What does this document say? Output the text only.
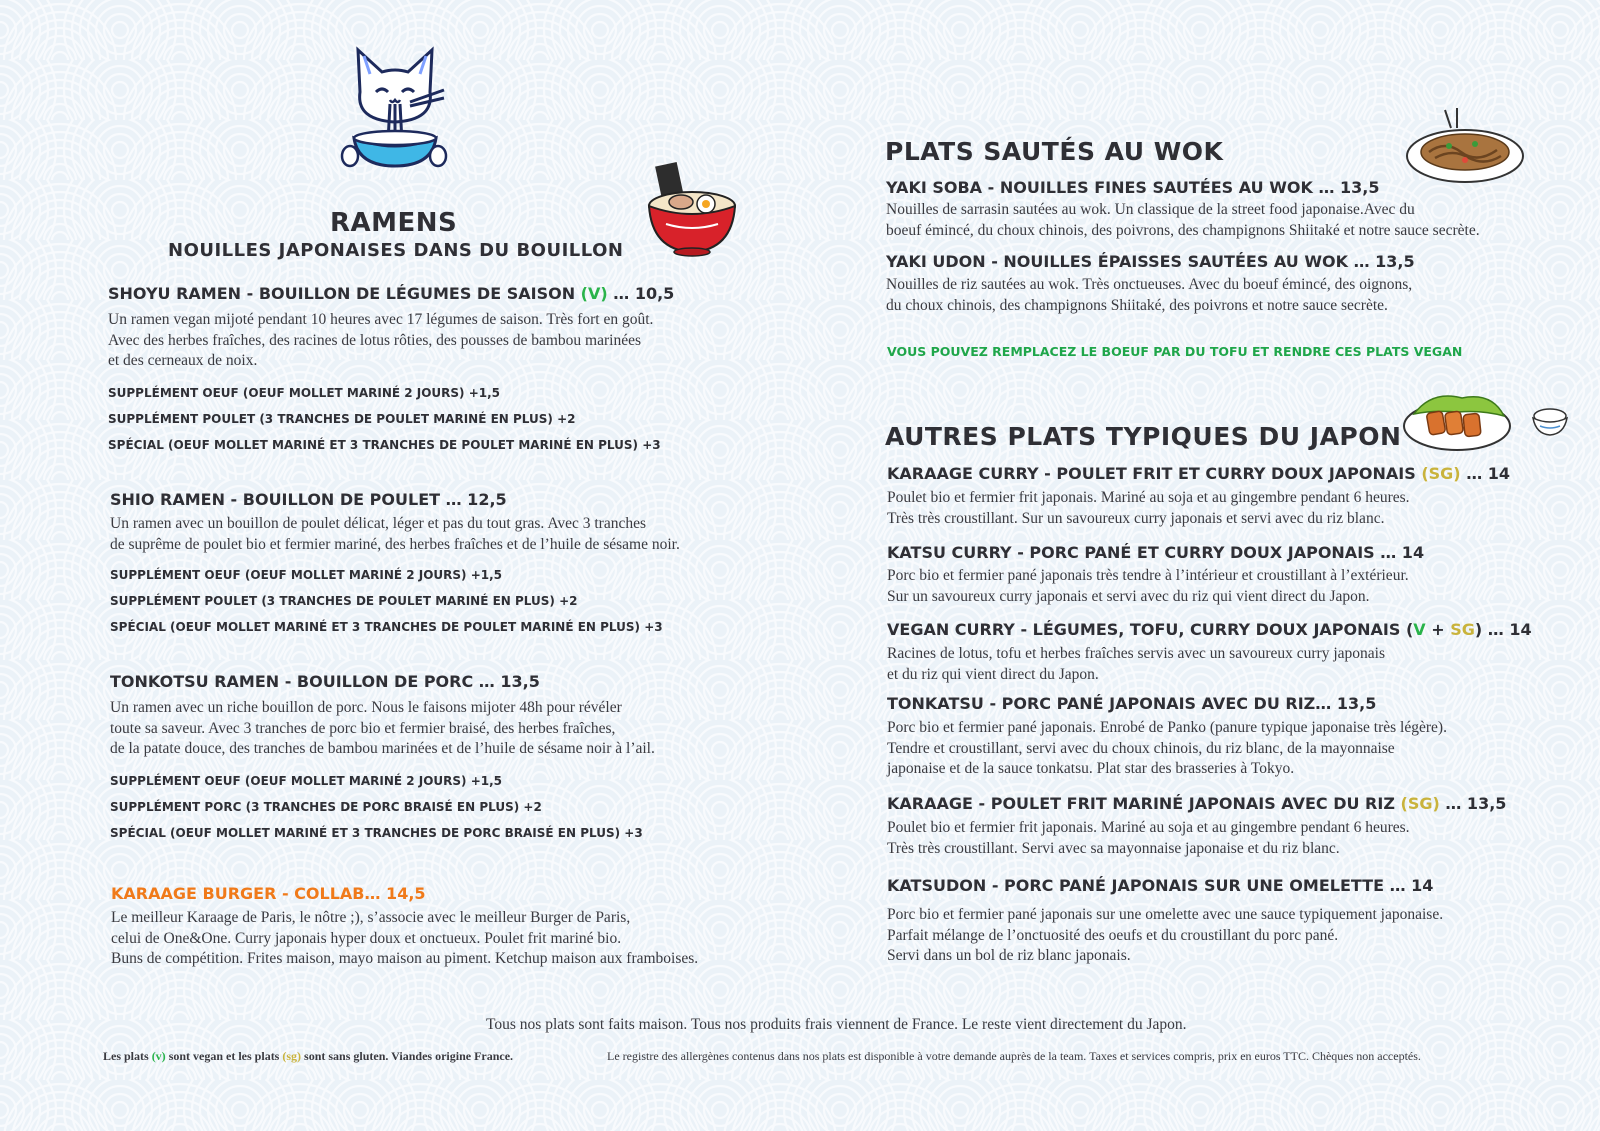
RAMENS
NOUILLES JAPONAISES DANS DU BOUILLON

SHOYU RAMEN - BOUILLON DE LÉGUMES DE SAISON (V) … 10,5

Un ramen vegan mijoté pendant 10 heures avec 17 légumes de saison. Très fort en goût.

Avec des herbes fraîches, des racines de lotus rôties, des pousses de bambou marinées

et des cerneaux de noix.

SUPPLÉMENT OEUF (OEUF MOLLET MARINÉ 2 JOURS) +1,5

SUPPLÉMENT POULET (3 TRANCHES DE POULET MARINÉ EN PLUS) +2

SPÉCIAL (OEUF MOLLET MARINÉ ET 3 TRANCHES DE POULET MARINÉ EN PLUS) +3

SHIO RAMEN - BOUILLON DE POULET … 12,5

Un ramen avec un bouillon de poulet délicat, léger et pas du tout gras. Avec 3 tranches

de suprême de poulet bio et fermier mariné, des herbes fraîches et de l’huile de sésame noir.

SUPPLÉMENT OEUF (OEUF MOLLET MARINÉ 2 JOURS) +1,5

SUPPLÉMENT POULET (3 TRANCHES DE POULET MARINÉ EN PLUS) +2

SPÉCIAL (OEUF MOLLET MARINÉ ET 3 TRANCHES DE POULET MARINÉ EN PLUS) +3

TONKOTSU RAMEN - BOUILLON DE PORC … 13,5

Un ramen avec un riche bouillon de porc. Nous le faisons mijoter 48h pour révéler

toute sa saveur. Avec 3 tranches de porc bio et fermier braisé, des herbes fraîches,

de la patate douce, des tranches de bambou marinées et de l’huile de sésame noir à l’ail.

SUPPLÉMENT OEUF (OEUF MOLLET MARINÉ 2 JOURS) +1,5

SUPPLÉMENT PORC (3 TRANCHES DE PORC BRAISÉ EN PLUS) +2

SPÉCIAL (OEUF MOLLET MARINÉ ET 3 TRANCHES DE PORC BRAISÉ EN PLUS) +3

KARAAGE BURGER - COLLAB… 14,5

Le meilleur Karaage de Paris, le nôtre ;), s’associe avec le meilleur Burger de Paris,

celui de One&One. Curry japonais hyper doux et onctueux. Poulet frit mariné bio.

Buns de compétition. Frites maison, mayo maison au piment. Ketchup maison aux framboises.

PLATS SAUTÉS AU WOK

YAKI SOBA - NOUILLES FINES SAUTÉES AU WOK … 13,5

Nouilles de sarrasin sautées au wok. Un classique de la street food japonaise.Avec du

boeuf émincé, du choux chinois, des poivrons, des champignons Shiitaké et notre sauce secrète.

YAKI UDON - NOUILLES ÉPAISSES SAUTÉES AU WOK … 13,5

Nouilles de riz sautées au wok. Très onctueuses. Avec du boeuf émincé, des oignons,

du choux chinois, des champignons Shiitaké, des poivrons et notre sauce secrète.

VOUS POUVEZ REMPLACEZ LE BOEUF PAR DU TOFU ET RENDRE CES PLATS VEGAN

AUTRES PLATS TYPIQUES DU JAPON

KARAAGE CURRY - POULET FRIT ET CURRY DOUX JAPONAIS (SG) … 14

Poulet bio et fermier frit japonais. Mariné au soja et au gingembre pendant 6 heures.

Très très croustillant. Sur un savoureux curry japonais et servi avec du riz blanc.

KATSU CURRY - PORC PANÉ ET CURRY DOUX JAPONAIS … 14

Porc bio et fermier pané japonais très tendre à l’intérieur et croustillant à l’extérieur.

Sur un savoureux curry japonais et servi avec du riz qui vient direct du Japon.

VEGAN CURRY - LÉGUMES, TOFU, CURRY DOUX JAPONAIS (V + SG) … 14

Racines de lotus, tofu et herbes fraîches servis avec un savoureux curry japonais

et du riz qui vient direct du Japon.

TONKATSU - PORC PANÉ JAPONAIS AVEC DU RIZ… 13,5

Porc bio et fermier pané japonais. Enrobé de Panko (panure typique japonaise très légère).

Tendre et croustillant, servi avec du choux chinois, du riz blanc, de la mayonnaise

japonaise et de la sauce tonkatsu. Plat star des brasseries à Tokyo.

KARAAGE - POULET FRIT MARINÉ JAPONAIS AVEC DU RIZ (SG) … 13,5

Poulet bio et fermier frit japonais. Mariné au soja et au gingembre pendant 6 heures.

Très très croustillant. Servi avec sa mayonnaise japonaise et du riz blanc.

KATSUDON - PORC PANÉ JAPONAIS SUR UNE OMELETTE … 14

Porc bio et fermier pané japonais sur une omelette avec une sauce typiquement japonaise.

Parfait mélange de l’onctuosité des oeufs et du croustillant du porc pané.

Servi dans un bol de riz blanc japonais.

Tous nos plats sont faits maison. Tous nos produits frais viennent de France. Le reste vient directement du Japon.

Les plats (v) sont vegan et les plats (sg) sont sans gluten. Viandes origine France.	Le registre des allergènes contenus dans nos plats est disponible à votre demande auprès de la team. Taxes et services compris, prix en euros TTC. Chèques non acceptés.
